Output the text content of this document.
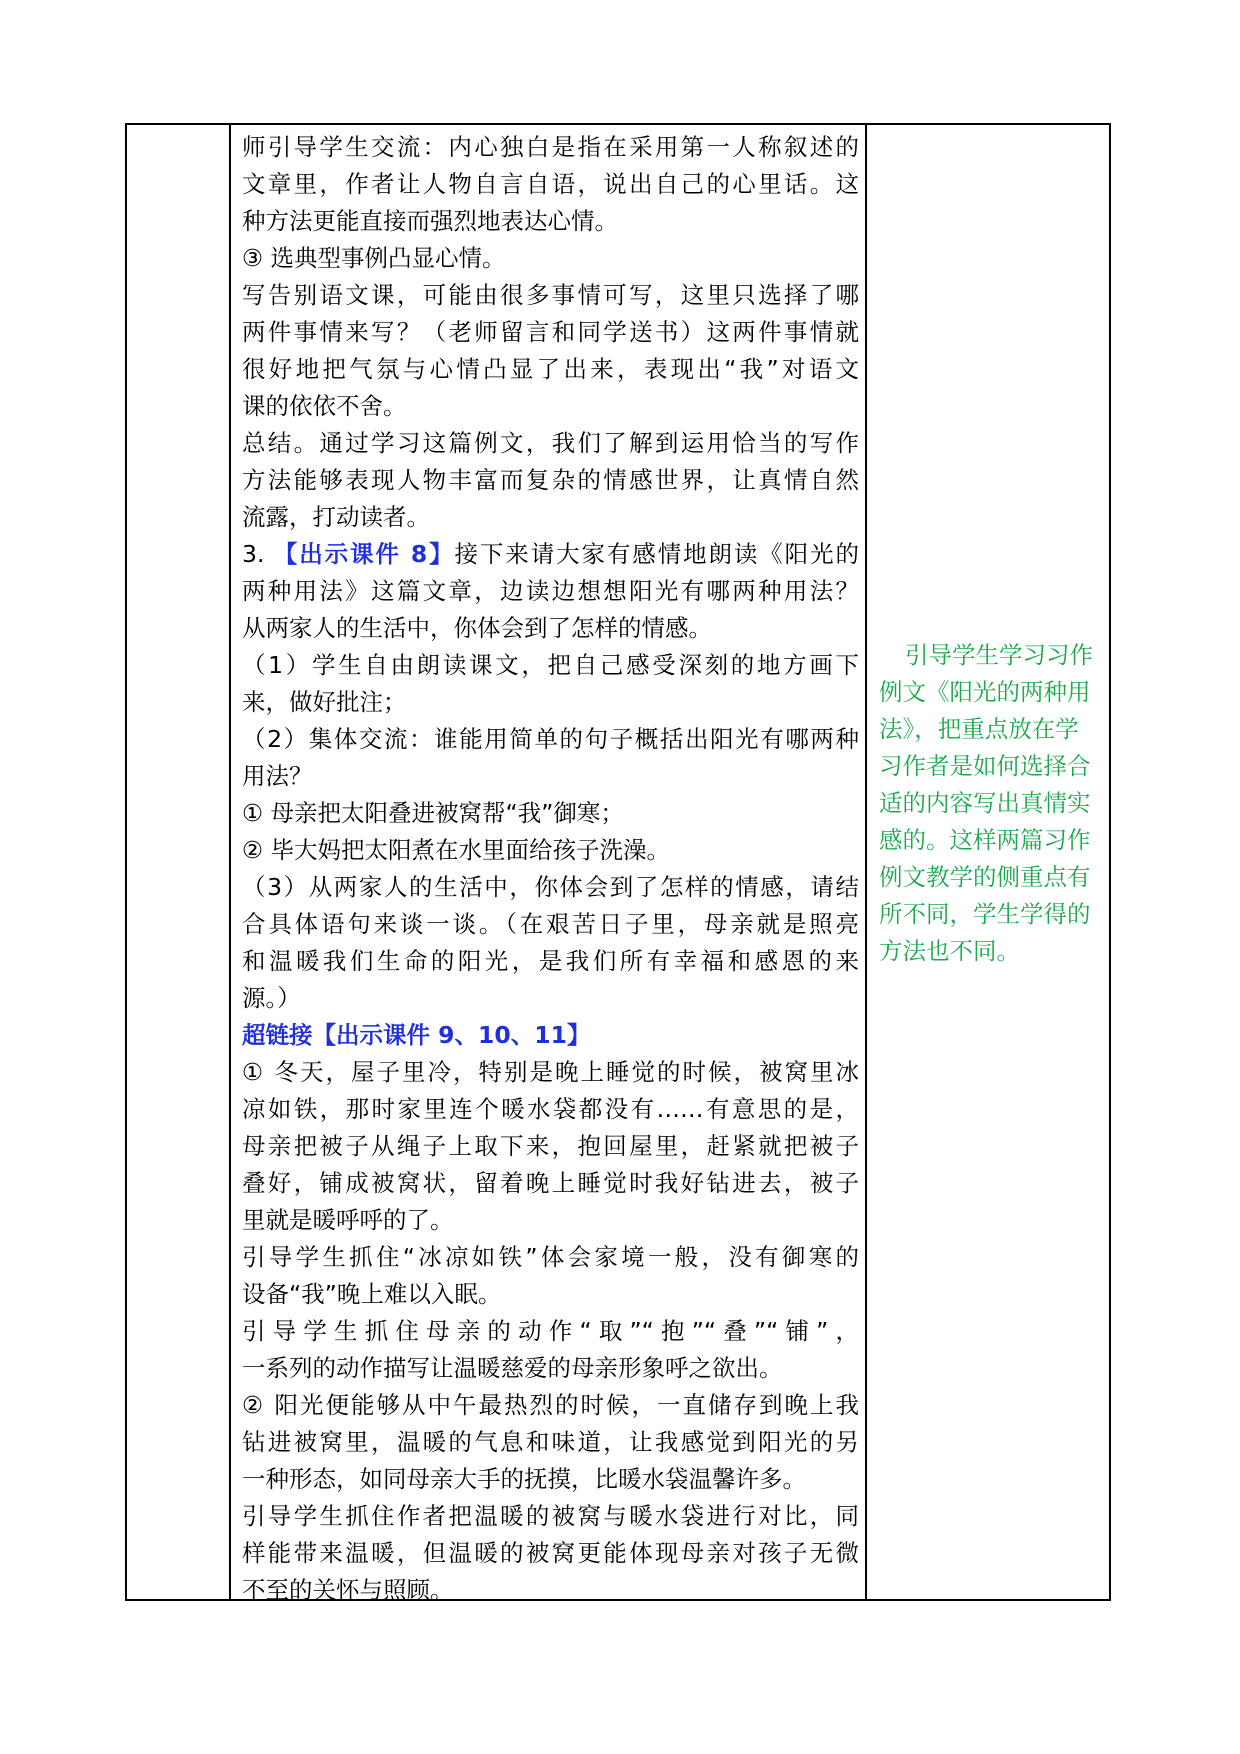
师引导学生交流：内心独白是指在采用第一人称叙述的
文章里，作者让人物自言自语，说出自己的心里话。这
种方法更能直接而强烈地表达心情。
③ 选典型事例凸显心情。
写告别语文课，可能由很多事情可写，这里只选择了哪
两件事情来写？（老师留言和同学送书）这两件事情就
很好地把气氛与心情凸显了出来，表现出“我”对语文
课的依依不舍。
总结。通过学习这篇例文，我们了解到运用恰当的写作
方法能够表现人物丰富而复杂的情感世界，让真情自然
流露，打动读者。
3. 【出示课件 8】接下来请大家有感情地朗读《阳光的
两种用法》这篇文章，边读边想想阳光有哪两种用法？
从两家人的生活中，你体会到了怎样的情感。
（1）学生自由朗读课文，把自己感受深刻的地方画下
来，做好批注；
（2）集体交流：谁能用简单的句子概括出阳光有哪两种
用法？
① 母亲把太阳叠进被窝帮“我”御寒；
② 毕大妈把太阳煮在水里面给孩子洗澡。
（3）从两家人的生活中，你体会到了怎样的情感，请结
合具体语句来谈一谈。（在艰苦日子里，母亲就是照亮
和温暖我们生命的阳光，是我们所有幸福和感恩的来
源。）
超链接【出示课件 9、10、11】
① 冬天，屋子里冷，特别是晚上睡觉的时候，被窝里冰
凉如铁，那时家里连个暖水袋都没有……有意思的是，
母亲把被子从绳子上取下来，抱回屋里，赶紧就把被子
叠好，铺成被窝状，留着晚上睡觉时我好钻进去，被子
里就是暖呼呼的了。
引导学生抓住“冰凉如铁”体会家境一般，没有御寒的
设备“我”晚上难以入眠。
引导学生抓住母亲的动作“取”“抱”“叠”“铺”，
一系列的动作描写让温暖慈爱的母亲形象呼之欲出。
② 阳光便能够从中午最热烈的时候，一直储存到晚上我
钻进被窝里，温暖的气息和味道，让我感觉到阳光的另
一种形态，如同母亲大手的抚摸，比暖水袋温馨许多。
引导学生抓住作者把温暖的被窝与暖水袋进行对比，同
样能带来温暖，但温暖的被窝更能体现母亲对孩子无微
不至的关怀与照顾。
引导学生学习习作
例文《阳光的两种用
法》，把重点放在学
习作者是如何选择合
适的内容写出真情实
感的。这样两篇习作
例文教学的侧重点有
所不同，学生学得的
方法也不同。
